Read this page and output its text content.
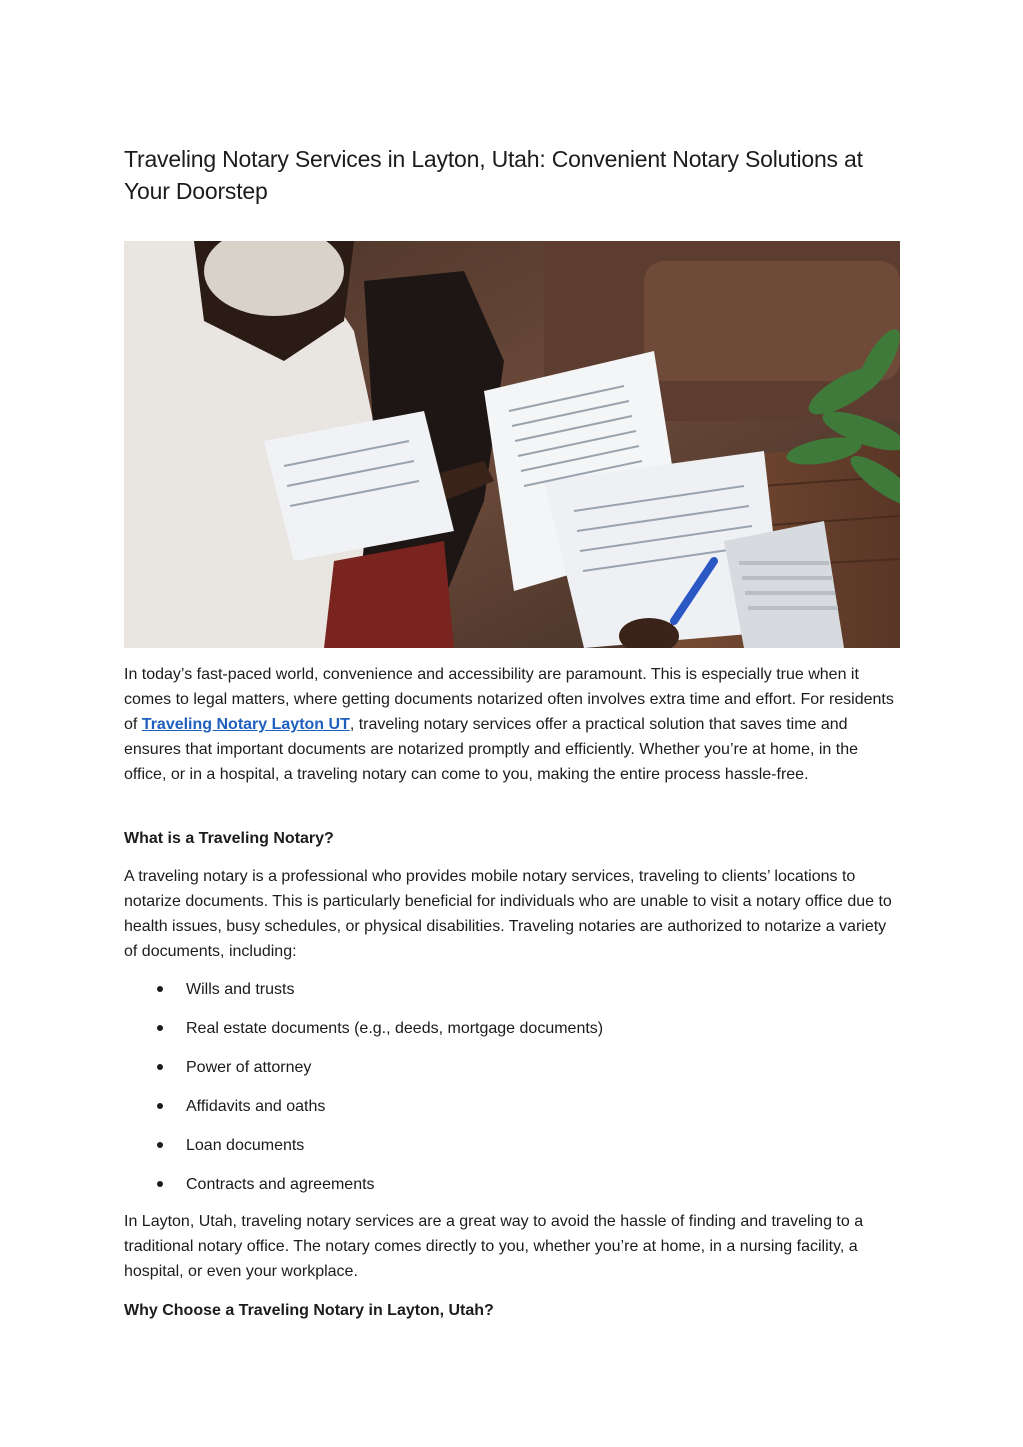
Traveling Notary Services in Layton, Utah: Convenient Notary Solutions at Your Doorstep

In today’s fast-paced world, convenience and accessibility are paramount. This is especially true when it comes to legal matters, where getting documents notarized often involves extra time and effort. For residents of Traveling Notary Layton UT, traveling notary services offer a practical solution that saves time and ensures that important documents are notarized promptly and efficiently. Whether you’re at home, in the office, or in a hospital, a traveling notary can come to you, making the entire process hassle-free.

What is a Traveling Notary?

A traveling notary is a professional who provides mobile notary services, traveling to clients’ locations to notarize documents. This is particularly beneficial for individuals who are unable to visit a notary office due to health issues, busy schedules, or physical disabilities. Traveling notaries are authorized to notarize a variety of documents, including:

Wills and trusts
Real estate documents (e.g., deeds, mortgage documents)
Power of attorney
Affidavits and oaths
Loan documents
Contracts and agreements

In Layton, Utah, traveling notary services are a great way to avoid the hassle of finding and traveling to a traditional notary office. The notary comes directly to you, whether you’re at home, in a nursing facility, a hospital, or even your workplace.

Why Choose a Traveling Notary in Layton, Utah?
